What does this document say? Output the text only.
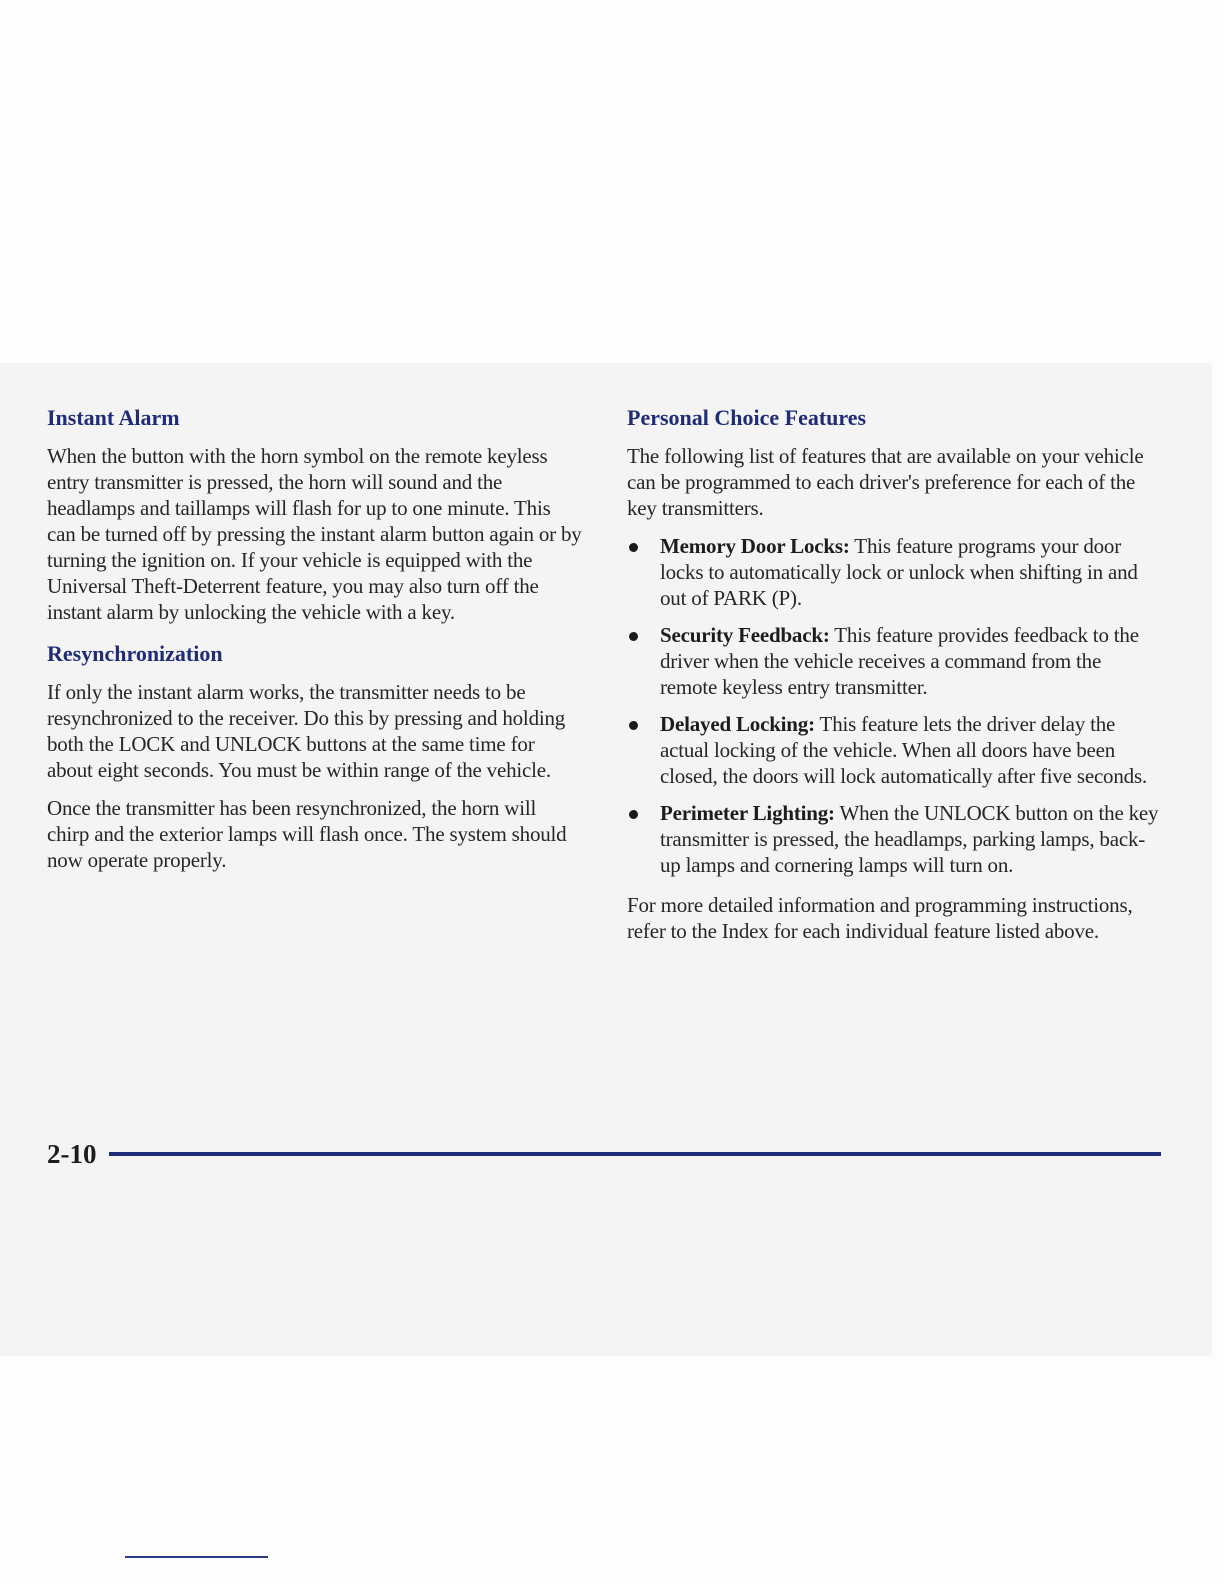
Instant Alarm

When the button with the horn symbol on the remote keyless entry transmitter is pressed, the horn will sound and the headlamps and taillamps will flash for up to one minute. This can be turned off by pressing the instant alarm button again or by turning the ignition on. If your vehicle is equipped with the Universal Theft-Deterrent feature, you may also turn off the instant alarm by unlocking the vehicle with a key.

Resynchronization

If only the instant alarm works, the transmitter needs to be resynchronized to the receiver. Do this by pressing and holding both the LOCK and UNLOCK buttons at the same time for about eight seconds. You must be within range of the vehicle.

Once the transmitter has been resynchronized, the horn will chirp and the exterior lamps will flash once. The system should now operate properly.

Personal Choice Features

The following list of features that are available on your vehicle can be programmed to each driver's preference for each of the key transmitters.

Memory Door Locks: This feature programs your door locks to automatically lock or unlock when shifting in and out of PARK (P).
Security Feedback: This feature provides feedback to the driver when the vehicle receives a command from the remote keyless entry transmitter.
Delayed Locking: This feature lets the driver delay the actual locking of the vehicle. When all doors have been closed, the doors will lock automatically after five seconds.
Perimeter Lighting: When the UNLOCK button on the key transmitter is pressed, the headlamps, parking lamps, back-up lamps and cornering lamps will turn on.

For more detailed information and programming instructions, refer to the Index for each individual feature listed above.

2-10
